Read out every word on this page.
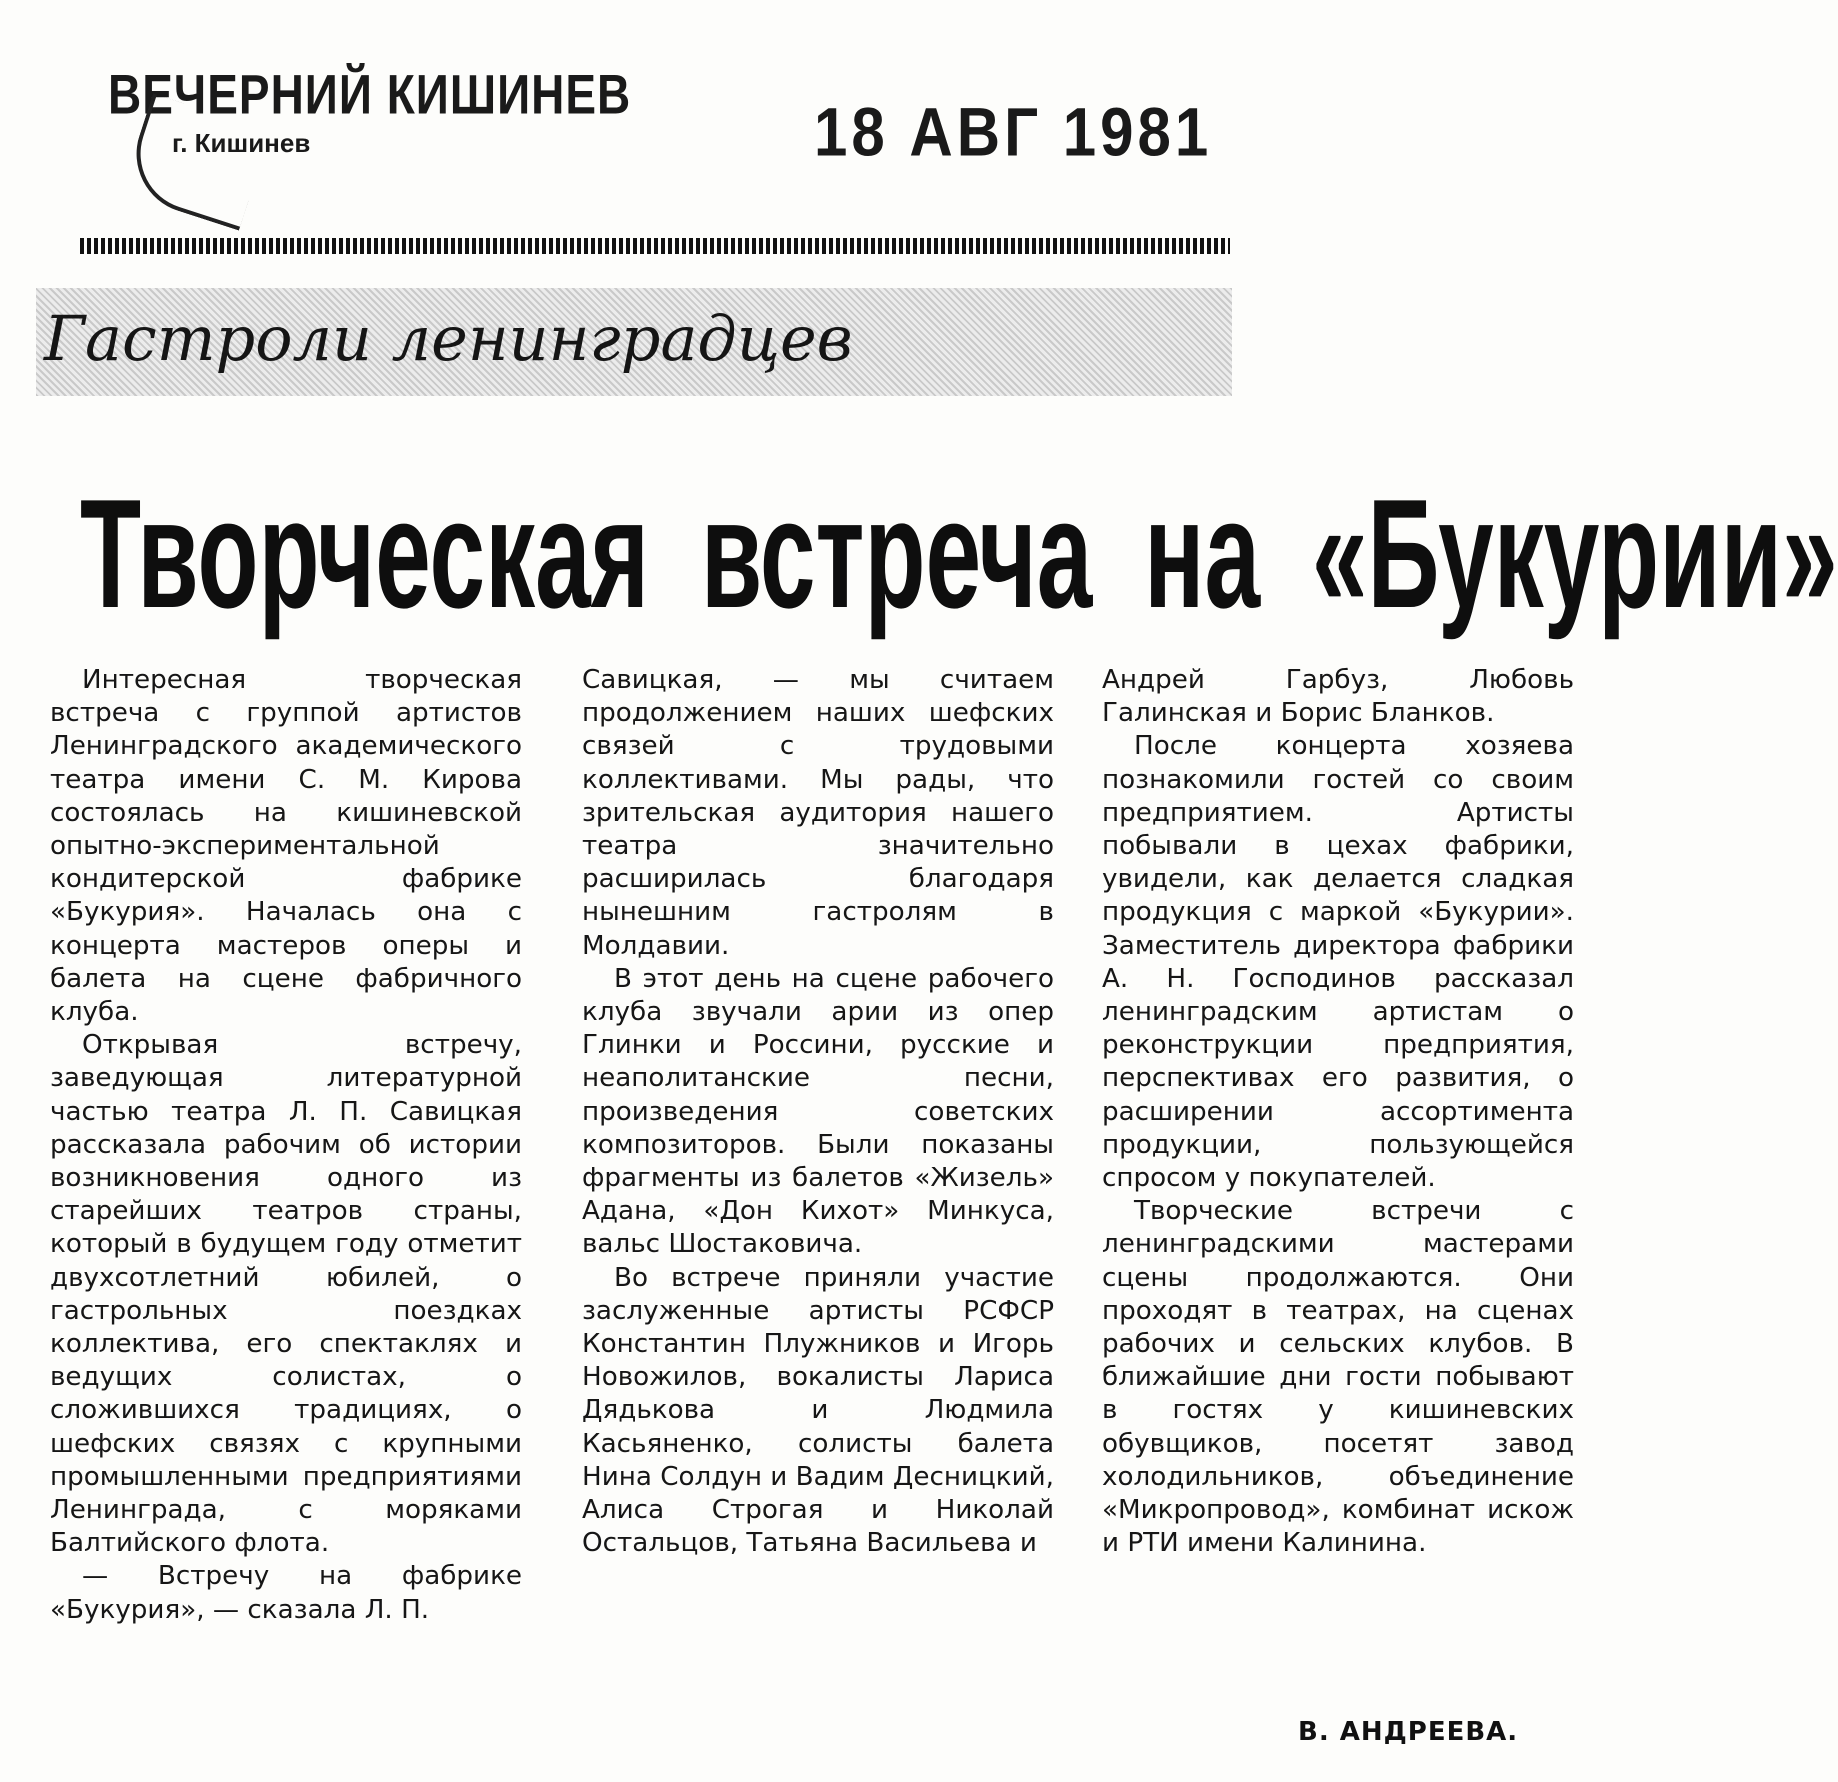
ВЕЧЕРНИЙ КИШИНЕВ
г. Кишинев	18 АВГ 1981
Гастроли ленинградцев
Творческая встреча на «Букурии»

Интересная творческая встреча с группой артистов Ленинградского академического театра имени С. М. Кирова состоялась на кишиневской опытно-экспериментальной кондитерской фабрике «Букурия». Началась она с концерта мастеров оперы и балета на сцене фабричного клуба.

Открывая встречу, заведующая литературной частью театра Л. П. Савицкая рассказала рабочим об истории возникновения одного из старейших театров страны, который в будущем году отметит двухсотлетний юбилей, о гастрольных поездках коллектива, его спектаклях и ведущих солистах, о сложившихся традициях, о шефских связях с крупными промышленными предприятиями Ленинграда, с моряками Балтийского флота.

— Встречу на фабрике «Букурия», — сказала Л. П.

Савицкая, — мы считаем продолжением наших шефских связей с трудовыми коллективами. Мы рады, что зрительская аудитория нашего театра значительно расширилась благодаря нынешним гастролям в Молдавии.

В этот день на сцене рабочего клуба звучали арии из опер Глинки и Россини, русские и неаполитанские песни, произведения советских композиторов. Были показаны фрагменты из балетов «Жизель» Адана, «Дон Кихот» Минкуса, вальс Шостаковича.

Во встрече приняли участие заслуженные артисты РСФСР Константин Плужников и Игорь Новожилов, вокалисты Лариса Дядькова и Людмила Касьяненко, солисты балета Нина Солдун и Вадим Десницкий, Алиса Строгая и Николай Остальцов, Татьяна Васильева и

Андрей Гарбуз, Любовь Галинская и Борис Бланков.

После концерта хозяева познакомили гостей со своим предприятием. Артисты побывали в цехах фабрики, увидели, как делается сладкая продукция с маркой «Букурии». Заместитель директора фабрики А. Н. Господинов рассказал ленинградским артистам о реконструкции предприятия, перспективах его развития, о расширении ассортимента продукции, пользующейся спросом у покупателей.

Творческие встречи с ленинградскими мастерами сцены продолжаются. Они проходят в театрах, на сценах рабочих и сельских клубов. В ближайшие дни гости побывают в гостях у кишиневских обувщиков, посетят завод холодильников, объединение «Микропровод», комбинат искож и РТИ имени Калинина.

В. АНДРЕЕВА.
